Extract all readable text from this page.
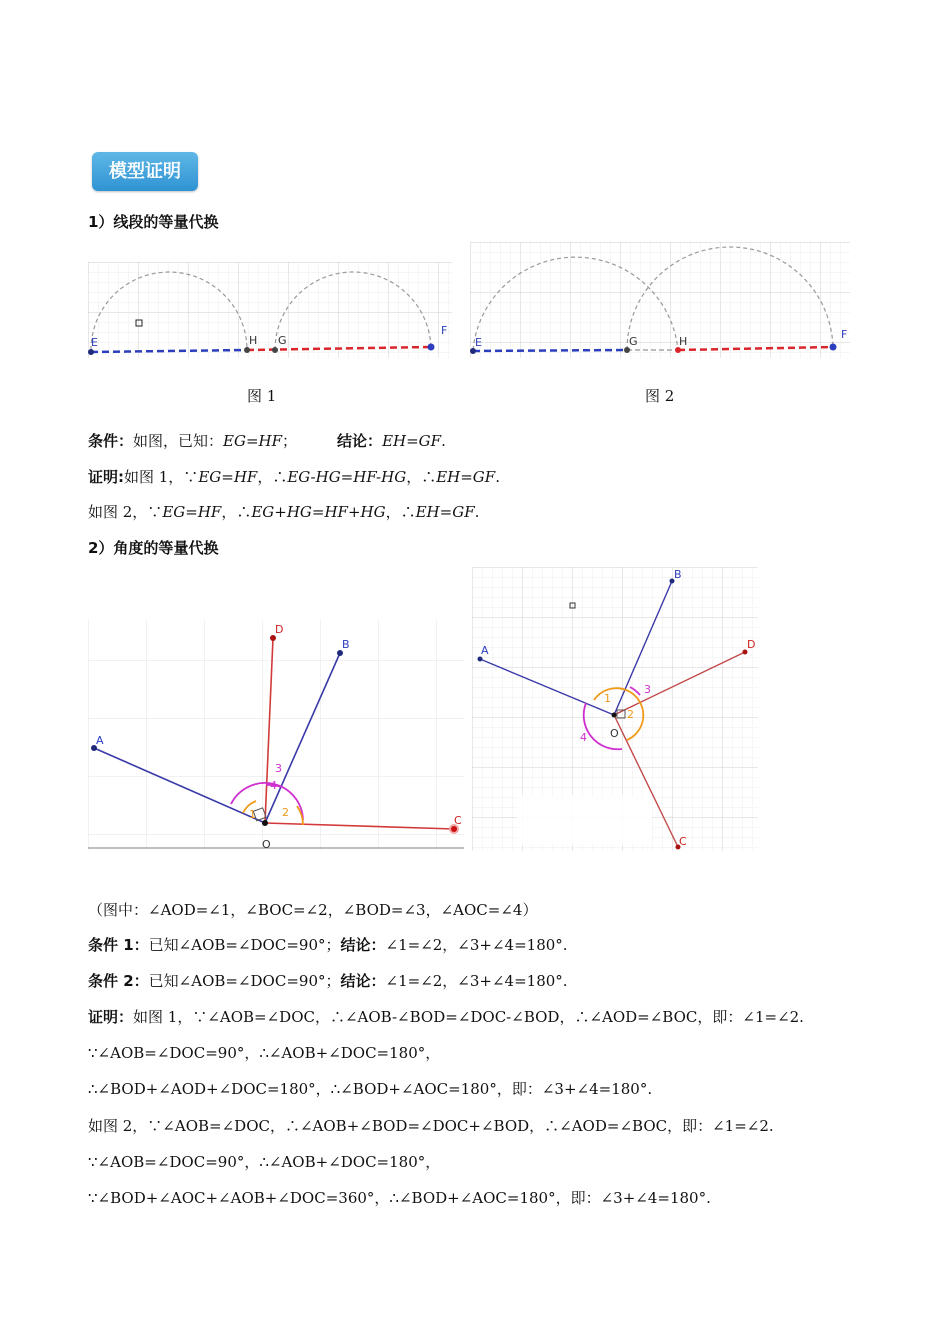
模型证明
1）线段的等量代换
E	H G
F
图 1
E	G	H
F
图 2
条件：如图，已知：EG=HF；	结论：EH=GF.
证明:如图 1，∵EG=HF，∴EG-HG=HF-HG，∴EH=GF.
如图 2，∵EG=HF，∴EG+HG=HF+HG，∴EH=GF.
2）角度的等量代换
A
B
D
C
O
1 2
3
4
A
B
D
C
O
1
2
3
4
（图中：∠AOD=∠1，∠BOC=∠2，∠BOD=∠3，∠AOC=∠4）
条件 1：已知∠AOB=∠DOC=90°；结论：∠1=∠2，∠3+∠4=180°.
条件 2：已知∠AOB=∠DOC=90°；结论：∠1=∠2，∠3+∠4=180°.
证明：如图 1，∵∠AOB=∠DOC，∴∠AOB-∠BOD=∠DOC-∠BOD，∴∠AOD=∠BOC，即：∠1=∠2.
∵∠AOB=∠DOC=90°，∴∠AOB+∠DOC=180°，
∴∠BOD+∠AOD+∠DOC=180°，∴∠BOD+∠AOC=180°，即：∠3+∠4=180°.
如图 2，∵∠AOB=∠DOC，∴∠AOB+∠BOD=∠DOC+∠BOD，∴∠AOD=∠BOC，即：∠1=∠2.
∵∠AOB=∠DOC=90°，∴∠AOB+∠DOC=180°，
∵∠BOD+∠AOC+∠AOB+∠DOC=360°，∴∠BOD+∠AOC=180°，即：∠3+∠4=180°.
